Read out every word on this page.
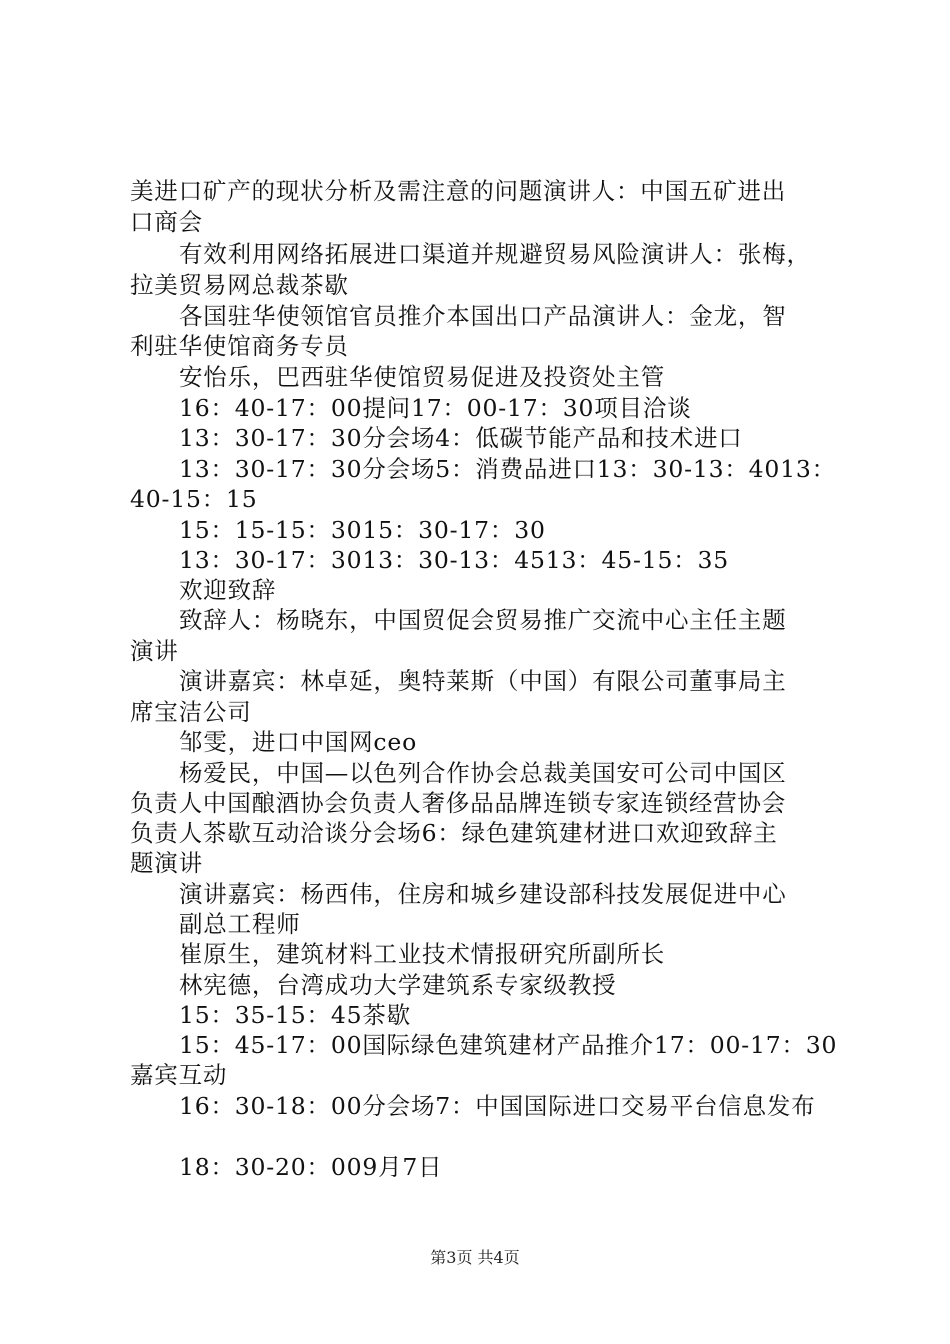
美进口矿产的现状分析及需注意的问题演讲人：中国五矿进出
口商会
有效利用网络拓展进口渠道并规避贸易风险演讲人：张梅，
拉美贸易网总裁茶歇
各国驻华使领馆官员推介本国出口产品演讲人：金龙，智
利驻华使馆商务专员
安怡乐，巴西驻华使馆贸易促进及投资处主管
16：40-17：00提问17：00-17：30项目洽谈
13：30-17：30分会场4：低碳节能产品和技术进口
13：30-17：30分会场5：消费品进口13：30-13：4013：
40-15：15
15：15-15：3015：30-17：30
13：30-17：3013：30-13：4513：45-15：35
欢迎致辞
致辞人：杨晓东，中国贸促会贸易推广交流中心主任主题
演讲
演讲嘉宾：林卓延，奥特莱斯（中国）有限公司董事局主
席宝洁公司
邹雯，进口中国网ceo
杨爱民，中国—以色列合作协会总裁美国安可公司中国区
负责人中国酿酒协会负责人奢侈品品牌连锁专家连锁经营协会
负责人茶歇互动洽谈分会场6：绿色建筑建材进口欢迎致辞主
题演讲
演讲嘉宾：杨西伟，住房和城乡建设部科技发展促进中心
副总工程师
崔原生，建筑材料工业技术情报研究所副所长
林宪德，台湾成功大学建筑系专家级教授
15：35-15：45茶歇
15：45-17：00国际绿色建筑建材产品推介17：00-17：30
嘉宾互动
16：30-18：00分会场7：中国国际进口交易平台信息发布
18：30-20：009月7日
第3页 共4页
